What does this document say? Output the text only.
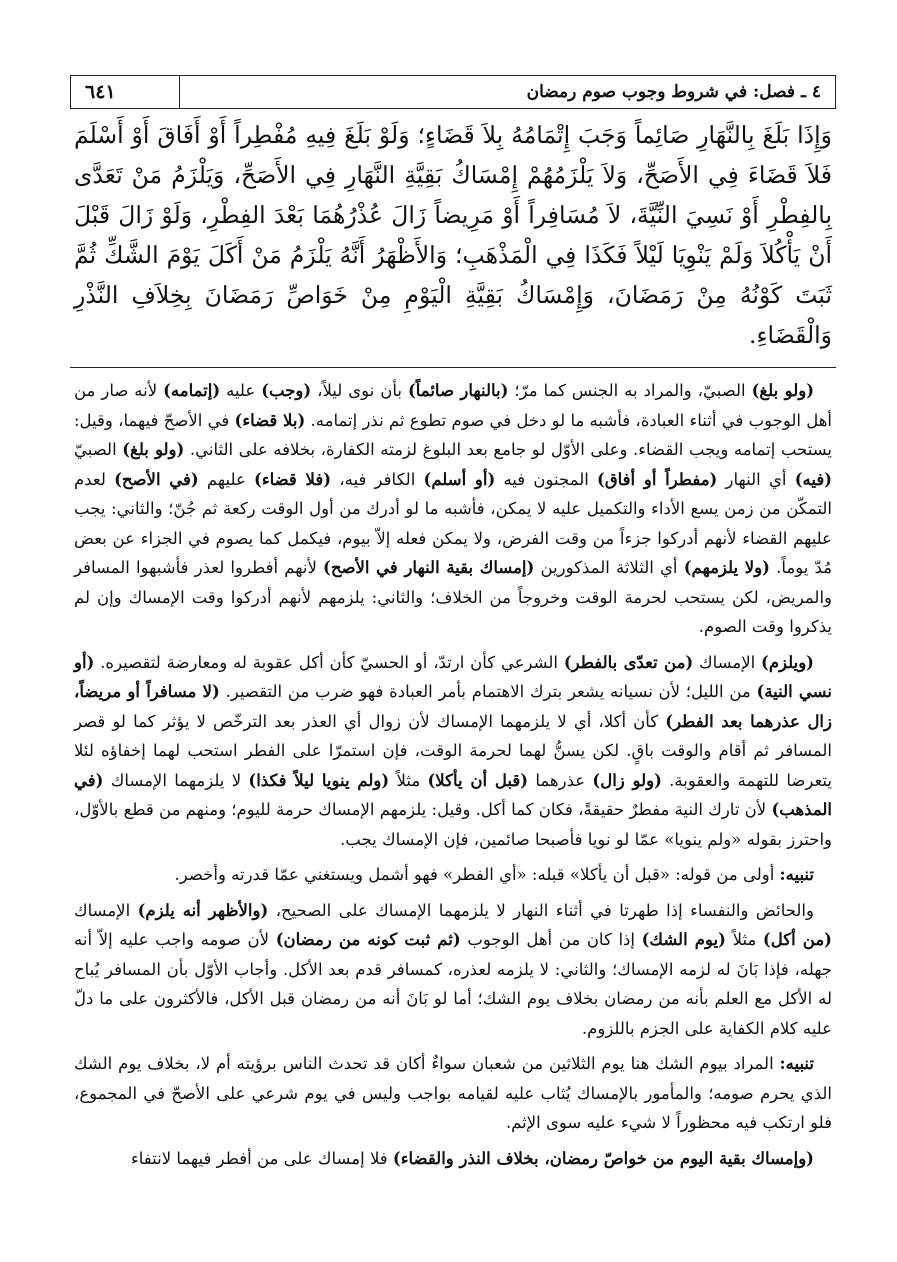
٤ ـ فصل: في شروط وجوب صوم رمضان
٦٤١
وَإِذَا بَلَغَ بِالنَّهَارِ صَائِماً وَجَبَ إِتْمَامُهُ بِلاَ قَضَاءٍ؛ وَلَوْ بَلَغَ فِيهِ مُفْطِراً أَوْ أَفَاقَ أَوْ أَسْلَمَ فَلاَ قَضَاءَ فِي الأَصَحِّ، وَلاَ يَلْزَمُهُمْ إِمْسَاكُ بَقِيَّةِ النَّهَارِ فِي الأَصَحِّ، وَيَلْزَمُ مَنْ تَعَدَّى بِالفِطْرِ أَوْ نَسِيَ النِّيَّةَ، لاَ مُسَافِراً أَوْ مَرِيضاً زَالَ عُذْرُهُمَا بَعْدَ الفِطْرِ، وَلَوْ زَالَ قَبْلَ أَنْ يَأْكُلاَ وَلَمْ يَنْوِيَا لَيْلاً فَكَذَا فِي الْمَذْهَبِ؛ وَالأَظْهَرُ أَنَّهُ يَلْزَمُ مَنْ أَكَلَ يَوْمَ الشَّكِّ ثُمَّ ثَبَتَ كَوْنُهُ مِنْ رَمَضَانَ، وَإِمْسَاكُ بَقِيَّةِ الْيَوْمِ مِنْ خَوَاصِّ رَمَضَانَ بِخِلاَفِ النَّذْرِ وَالْقَضَاءِ.

(ولو بلغ) الصبيّ، والمراد به الجنس كما مرّ؛ (بالنهار صائماً) بأن نوى ليلاً، (وجب) عليه (إتمامه) لأنه صار من أهل الوجوب في أثناء العبادة، فأشبه ما لو دخل في صوم تطوع ثم نذر إتمامه. (بلا قضاء) في الأصحّ فيهما، وقيل: يستحب إتمامه ويجب القضاء. وعلى الأوّل لو جامع بعد البلوغ لزمته الكفارة، بخلافه على الثاني. (ولو بلغ) الصبيّ (فيه) أي النهار (مفطراً أو أفاق) المجنون فيه (أو أسلم) الكافر فيه، (فلا قضاء) عليهم (في الأصح) لعدم التمكّن من زمن يسع الأداء والتكميل عليه لا يمكن، فأشبه ما لو أدرك من أول الوقت ركعة ثم جُنّ؛ والثاني: يجب عليهم القضاء لأنهم أدركوا جزءاً من وقت الفرض، ولا يمكن فعله إلاّ بيوم، فيكمل كما يصوم في الجزاء عن بعض مُدّ يوماً. (ولا يلزمهم) أي الثلاثة المذكورين (إمساك بقية النهار في الأصح) لأنهم أفطروا لعذر فأشبهوا المسافر والمريض، لكن يستحب لحرمة الوقت وخروجاً من الخلاف؛ والثاني: يلزمهم لأنهم أدركوا وقت الإمساك وإن لم يذكروا وقت الصوم.

(ويلزم) الإمساك (من تعدّى بالفطر) الشرعي كأن ارتدّ، أو الحسيّ كأن أكل عقوبة له ومعارضة لتقصيره. (أو نسي النية) من الليل؛ لأن نسيانه يشعر بترك الاهتمام بأمر العبادة فهو ضرب من التقصير. (لا مسافراً أو مريضاً، زال عذرهما بعد الفطر) كأن أكلا، أي لا يلزمهما الإمساك لأن زوال أي العذر بعد الترخّص لا يؤثر كما لو قصر المسافر ثم أقام والوقت باقٍ. لكن يسنُّ لهما لحرمة الوقت، فإن استمرّا على الفطر استحب لهما إخفاؤه لئلا يتعرضا للتهمة والعقوبة. (ولو زال) عذرهما (قبل أن يأكلا) مثلاً (ولم ينويا ليلاً فكذا) لا يلزمهما الإمساك (في المذهب) لأن تارك النية مفطرٌ حقيقةً، فكان كما أكل. وقيل: يلزمهم الإمساك حرمة لليوم؛ ومنهم من قطع بالأوّل، واحترز بقوله «ولم ينويا» عمّا لو نويا فأصبحا صائمين، فإن الإمساك يجب.

تنبيه: أولى من قوله: «قبل أن يأكلا» قبله: «أي الفطر» فهو أشمل ويستغني عمّا قدرته وأخصر.

والحائض والنفساء إذا طهرتا في أثناء النهار لا يلزمهما الإمساك على الصحيح، (والأظهر أنه يلزم) الإمساك (من أكل) مثلاً (يوم الشك) إذا كان من أهل الوجوب (ثم ثبت كونه من رمضان) لأن صومه واجب عليه إلاّ أنه جهله، فإذا بَانَ له لزمه الإمساك؛ والثاني: لا يلزمه لعذره، كمسافر قدم بعد الأكل. وأجاب الأوّل بأن المسافر يُباح له الأكل مع العلم بأنه من رمضان بخلاف يوم الشك؛ أما لو بَانَ أنه من رمضان قبل الأكل، فالأكثرون على ما دلّ عليه كلام الكفاية على الجزم باللزوم.

تنبيه: المراد بيوم الشك هنا يوم الثلاثين من شعبان سواءٌ أكان قد تحدث الناس برؤيته أم لا، بخلاف يوم الشك الذي يحرم صومه؛ والمأمور بالإمساك يُثاب عليه لقيامه بواجب وليس في يوم شرعي على الأصحّ في المجموع، فلو ارتكب فيه محظوراً لا شيء عليه سوى الإثم.

(وإمساك بقية اليوم من خواصّ رمضان، بخلاف النذر والقضاء) فلا إمساك على من أفطر فيهما لانتفاء
